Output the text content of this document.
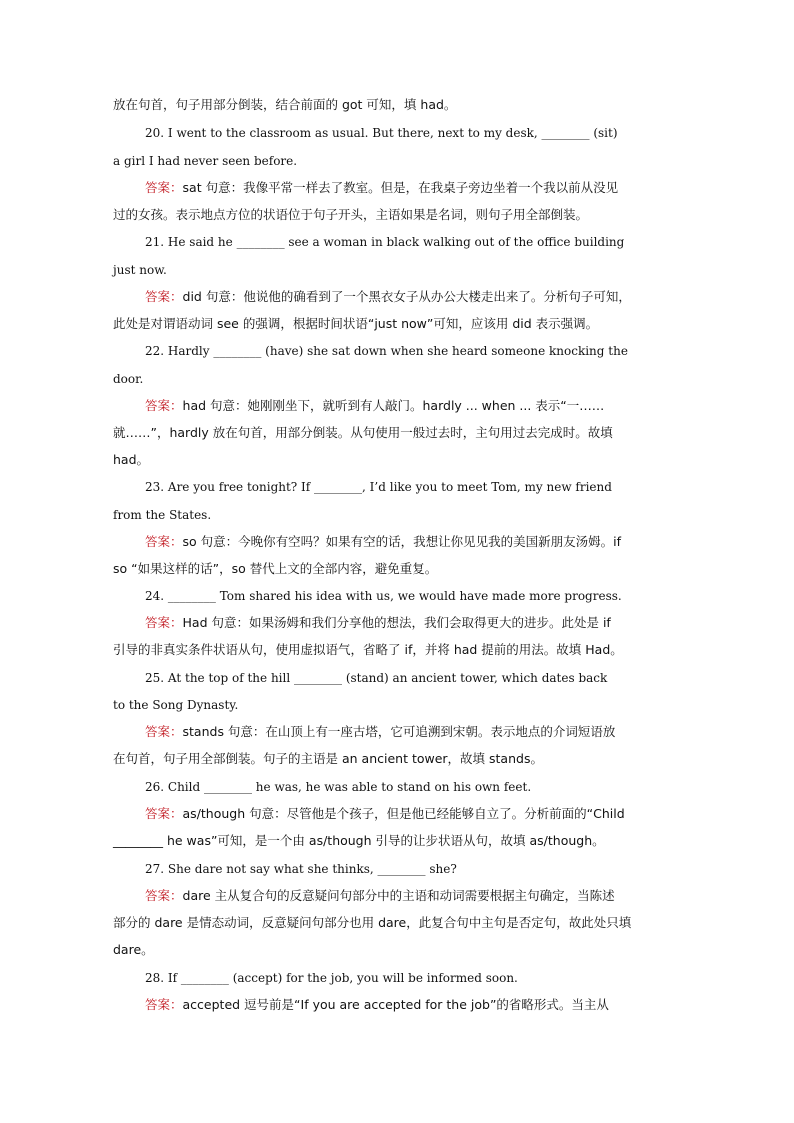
放在句首，句子用部分倒装，结合前面的 got 可知，填 had。
20. I went to the classroom as usual. But there, next to my desk, ________ (sit)
a girl I had never seen before.
答案：sat 句意：我像平常一样去了教室。但是，在我桌子旁边坐着一个我以前从没见
过的女孩。表示地点方位的状语位于句子开头，主语如果是名词，则句子用全部倒装。
21. He said he ________ see a woman in black walking out of the office building
just now.
答案：did 句意：他说他的确看到了一个黑衣女子从办公大楼走出来了。分析句子可知，
此处是对谓语动词 see 的强调，根据时间状语“just now”可知，应该用 did 表示强调。
22. Hardly ________ (have) she sat down when she heard someone knocking the
door.
答案：had 句意：她刚刚坐下，就听到有人敲门。hardly ... when ... 表示“一……
就……”，hardly 放在句首，用部分倒装。从句使用一般过去时，主句用过去完成时。故填
had。
23. Are you free tonight? If ________, I’d like you to meet Tom, my new friend
from the States.
答案：so 句意：今晚你有空吗？如果有空的话，我想让你见见我的美国新朋友汤姆。if
so “如果这样的话”，so 替代上文的全部内容，避免重复。
24. ________ Tom shared his idea with us, we would have made more progress.
答案：Had 句意：如果汤姆和我们分享他的想法，我们会取得更大的进步。此处是 if
引导的非真实条件状语从句，使用虚拟语气，省略了 if，并将 had 提前的用法。故填 Had。
25. At the top of the hill ________ (stand) an ancient tower, which dates back
to the Song Dynasty.
答案：stands 句意：在山顶上有一座古塔，它可追溯到宋朝。表示地点的介词短语放
在句首，句子用全部倒装。句子的主语是 an ancient tower，故填 stands。
26. Child ________ he was, he was able to stand on his own feet.
答案：as/though 句意：尽管他是个孩子，但是他已经能够自立了。分析前面的“Child
________ he was”可知，是一个由 as/though 引导的让步状语从句，故填 as/though。
27. She dare not say what she thinks, ________ she?
答案：dare 主从复合句的反意疑问句部分中的主语和动词需要根据主句确定，当陈述
部分的 dare 是情态动词，反意疑问句部分也用 dare，此复合句中主句是否定句，故此处只填
dare。
28. If ________ (accept) for the job, you will be informed soon.
答案：accepted 逗号前是“If you are accepted for the job”的省略形式。当主从
